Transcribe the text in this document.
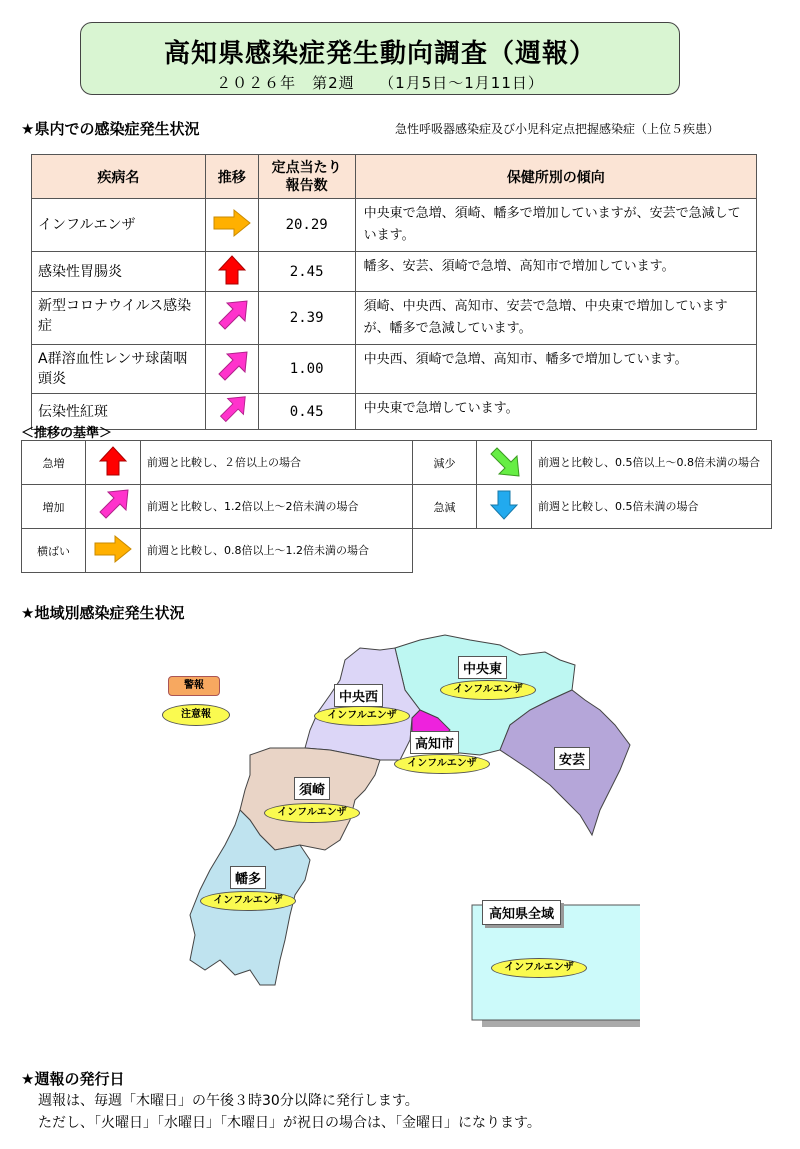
高知県感染症発生動向調査（週報）
２０２６年　第2週　　（1月5日～1月11日）
★県内での感染症発生状況	急性呼吸器感染症及び小児科定点把握感染症（上位５疾患）
疾病名	推移	定点当たり報告数	保健所別の傾向
インフルエンザ		20.29	中央東で急増、須崎、幡多で増加していますが、安芸で急減しています。
感染性胃腸炎		2.45	幡多、安芸、須崎で急増、高知市で増加しています。
新型コロナウイルス感染症		2.39	須崎、中央西、高知市、安芸で急増、中央東で増加していますが、幡多で急減しています。
A群溶血性レンサ球菌咽頭炎		1.00	中央西、須崎で急増、高知市、幡多で増加しています。
伝染性紅斑		0.45	中央東で急増しています。
＜推移の基準＞
急増		前週と比較し、２倍以上の場合	減少		前週と比較し、0.5倍以上～0.8倍未満の場合
増加		前週と比較し、1.2倍以上～2倍未満の場合	急減		前週と比較し、0.5倍未満の場合
横ばい		前週と比較し、0.8倍以上～1.2倍未満の場合			
★地域別感染症発生状況
警報
注意報
中央東
インフルエンザ
中央西
インフルエンザ
高知市
インフルエンザ	安芸
須崎
インフルエンザ
幡多
インフルエンザ
高知県全域
インフルエンザ
★週報の発行日
週報は、毎週「木曜日」の午後３時30分以降に発行します。
ただし、「火曜日」「水曜日」「木曜日」が祝日の場合は、「金曜日」になります。
